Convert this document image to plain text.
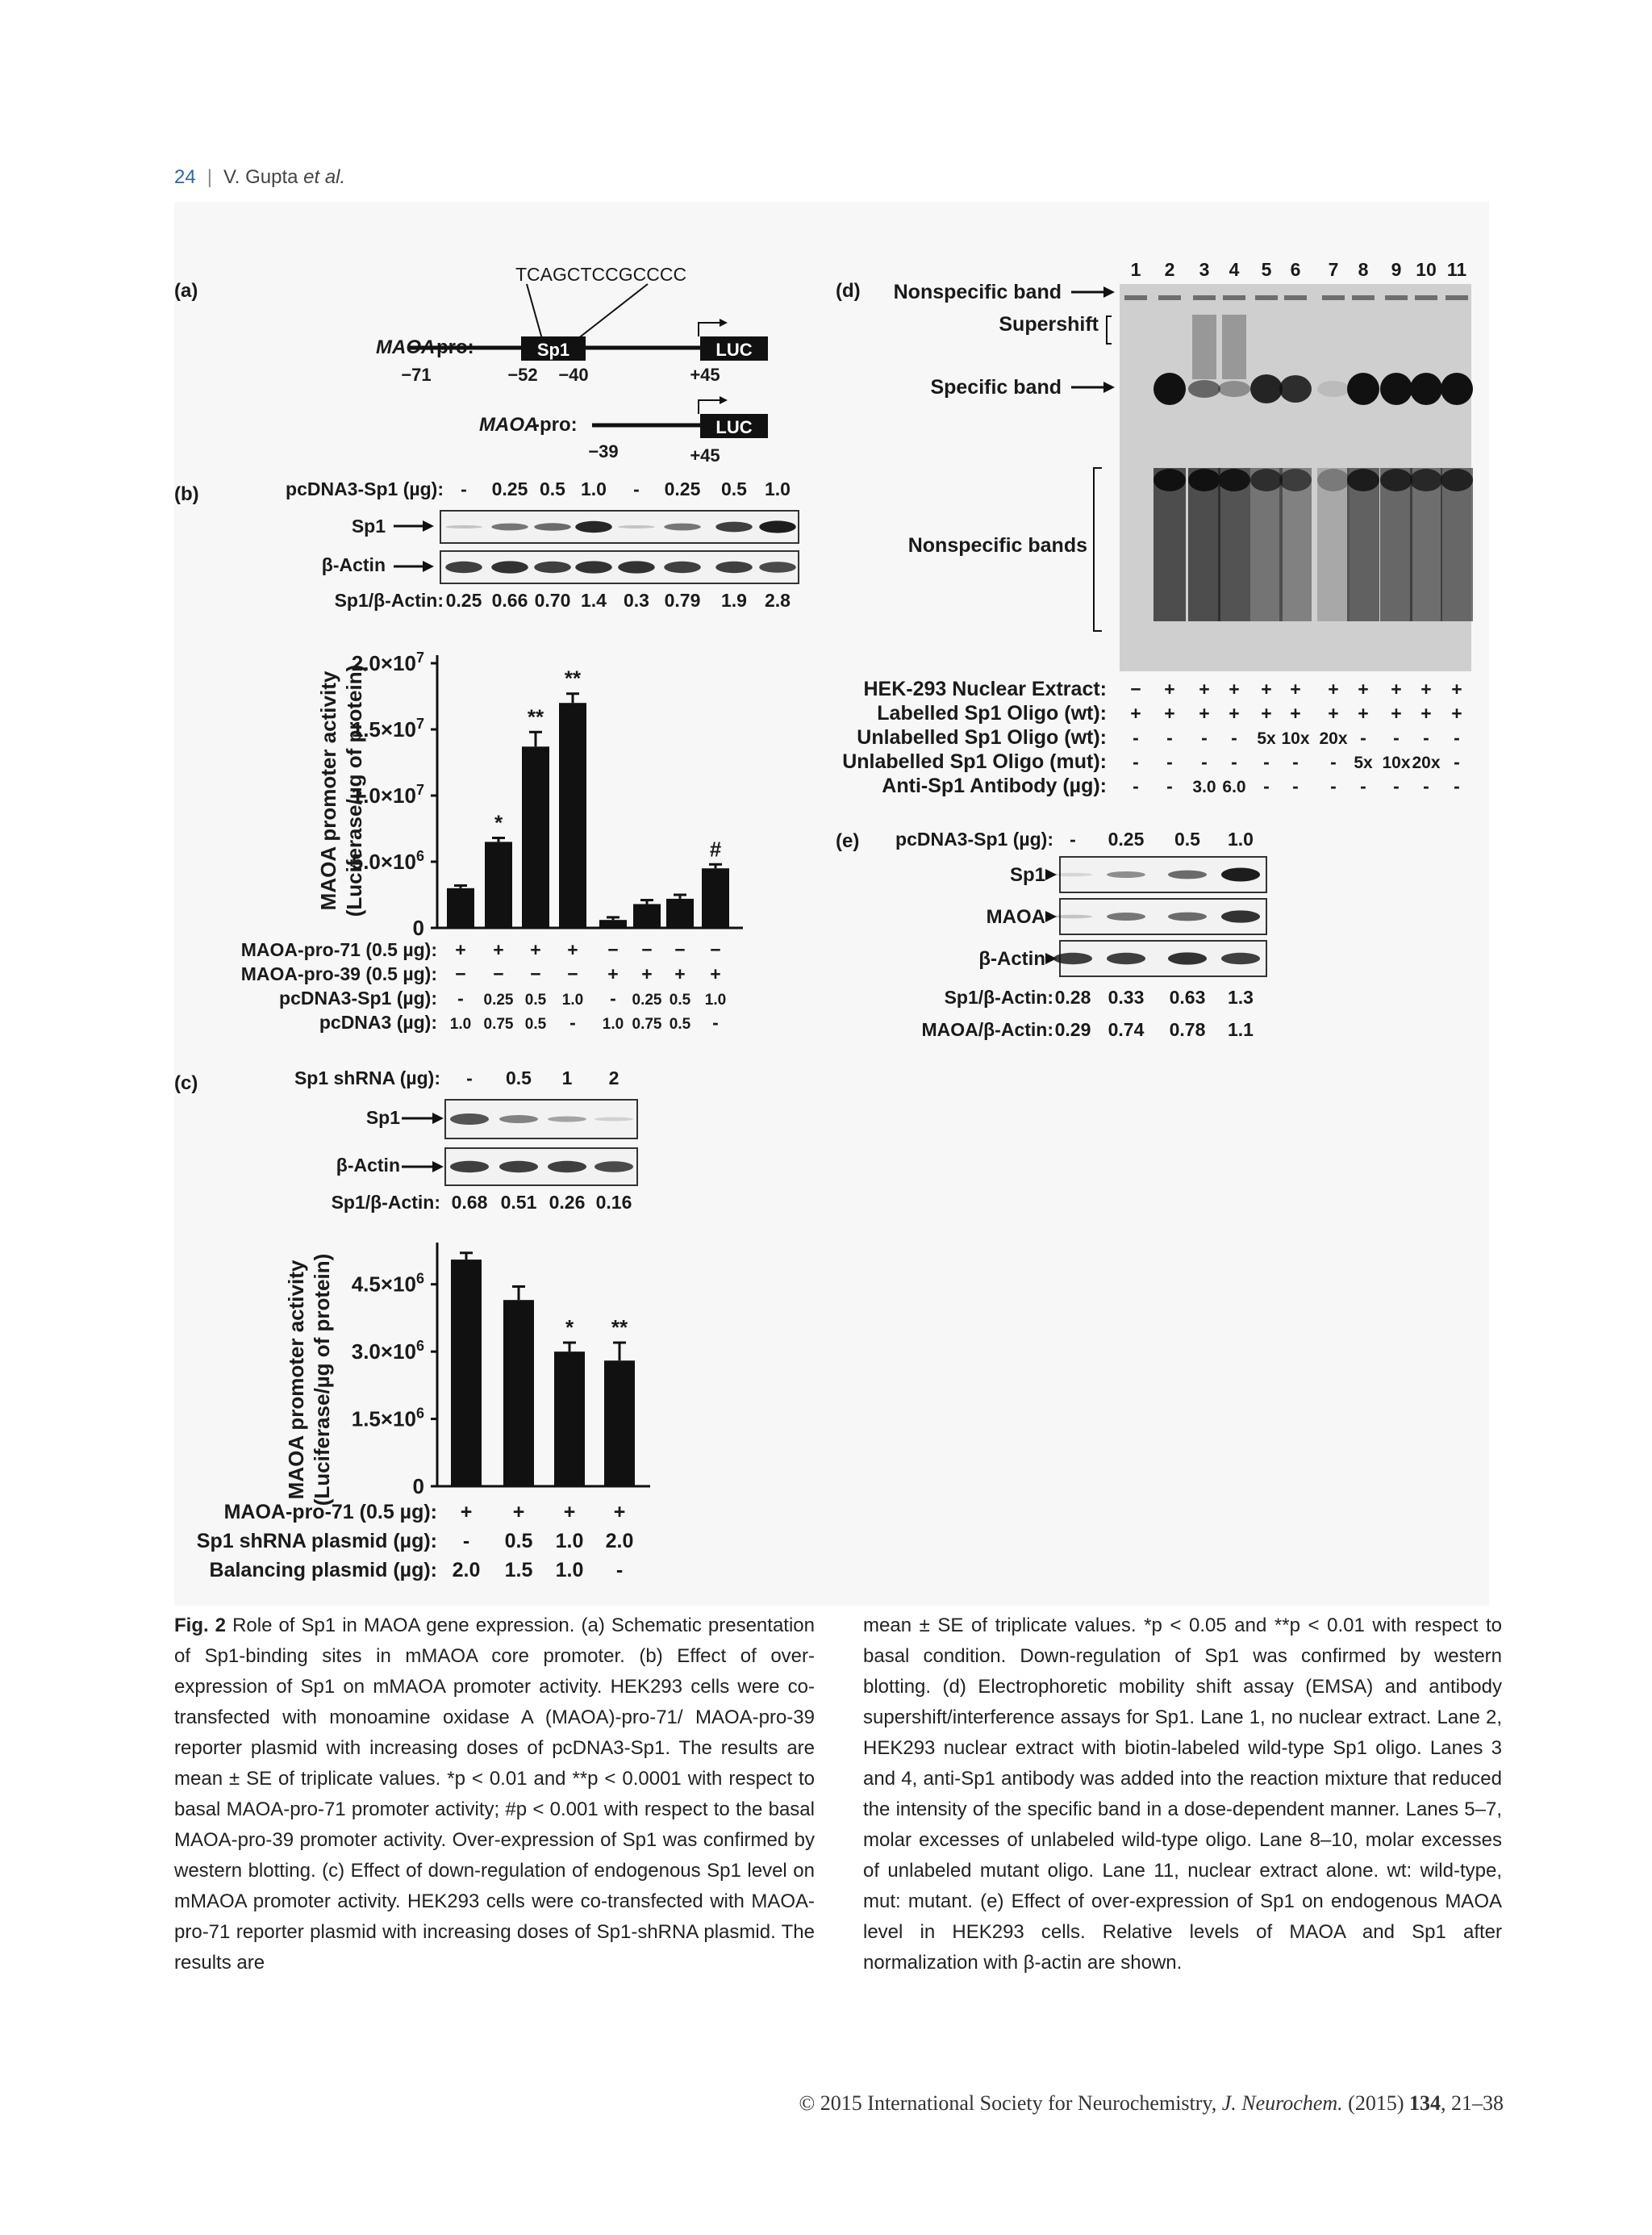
24 | V. Gupta et al.
(a)
TCAGCTCCGCCCC
MAOA
-pro:	Sp1	LUC
−71	−52 −40	+45
MAOA
-pro:	LUC
−39	+45
(b)	pcDNA3-Sp1 (µg): - 0.25 0.5 1.0 - 0.25 0.5 1.0
Sp1
β-Actin
Sp1/β-Actin: 0.25 0.66 0.70 1.4 0.3 0.79 1.9 2.8
MAOA promoter activity (Luciferase/µg of protein)
$2.0\times 10^7$
$1.5\times 10^7$
$1.0\times 10^7$
$5.0\times 10^6$
0
*
**
**
#
MAOA-pro-71 (0.5 µg): + + + + − − − −
MAOA-pro-39 (0.5 µg): − − − − + + + +
pcDNA3-Sp1 (µg): - 0.25 0.5 1.0 - 0.25 0.5 1.0
pcDNA3 (µg): 1.0 0.75 0.5 - 1.0 0.75 0.5 -
(c)	Sp1 shRNA (µg): - 0.5 1 2
Sp1
β-Actin
Sp1/β-Actin: 0.68 0.51 0.26 0.16
MAOA promoter activity (Luciferase/µg of protein) $4.5\times 10^6$
$3.0\times 10^6$
$1.5\times 10^6$
0
* **
MAOA-pro-71 (0.5 µg): + + + +
Sp1 shRNA plasmid (µg): - 0.5 1.0 2.0
Balancing plasmid (µg): 2.0 1.5 1.0 -
(d)
1 2 3 4 5 6 7 8 9 10 11
Nonspecific band
Supershift
Specific band
Nonspecific bands
HEK-293 Nuclear Extract: − + + + + + + + + + +
Labelled Sp1 Oligo (wt): + + + + + + + + + + +
Unlabelled Sp1 Oligo (wt): - - - - 5x 10x 20x - - - -
Unlabelled Sp1 Oligo (mut): - - - - - - - 5x 10x 20x -
Anti-Sp1 Antibody (µg): - - 3.0 6.0 - - - - - - -
(e) pcDNA3-Sp1 (µg): - 0.25 0.5 1.0
Sp1
MAOA
β-Actin
Sp1/β-Actin: 0.28 0.33 0.63 1.3
MAOA/β-Actin: 0.29 0.74 0.78 1.1
Fig. 2 Role of Sp1 in MAOA gene expression. (a) Schematic presentation of Sp1-binding sites in mMAOA core promoter. (b) Effect of over-expression of Sp1 on mMAOA promoter activity. HEK293 cells were co-transfected with monoamine oxidase A (MAOA)-pro-71/ MAOA-pro-39 reporter plasmid with increasing doses of pcDNA3-Sp1. The results are mean ± SE of triplicate values. *p < 0.01 and **p < 0.0001 with respect to basal MAOA-pro-71 promoter activity; #p < 0.001 with respect to the basal MAOA-pro-39 promoter activity. Over-expression of Sp1 was confirmed by western blotting. (c) Effect of down-regulation of endogenous Sp1 level on mMAOA promoter activity. HEK293 cells were co-transfected with MAOA-pro-71 reporter plasmid with increasing doses of Sp1-shRNA plasmid. The results are
mean ± SE of triplicate values. *p < 0.05 and **p < 0.01 with respect to basal condition. Down-regulation of Sp1 was confirmed by western blotting. (d) Electrophoretic mobility shift assay (EMSA) and antibody supershift/interference assays for Sp1. Lane 1, no nuclear extract. Lane 2, HEK293 nuclear extract with biotin-labeled wild-type Sp1 oligo. Lanes 3 and 4, anti-Sp1 antibody was added into the reaction mixture that reduced the intensity of the specific band in a dose-dependent manner. Lanes 5–7, molar excesses of unlabeled wild-type oligo. Lane 8–10, molar excesses of unlabeled mutant oligo. Lane 11, nuclear extract alone. wt: wild-type, mut: mutant. (e) Effect of over-expression of Sp1 on endogenous MAOA level in HEK293 cells. Relative levels of MAOA and Sp1 after normalization with β-actin are shown.
© 2015 International Society for Neurochemistry, J. Neurochem. (2015) 134, 21–38
